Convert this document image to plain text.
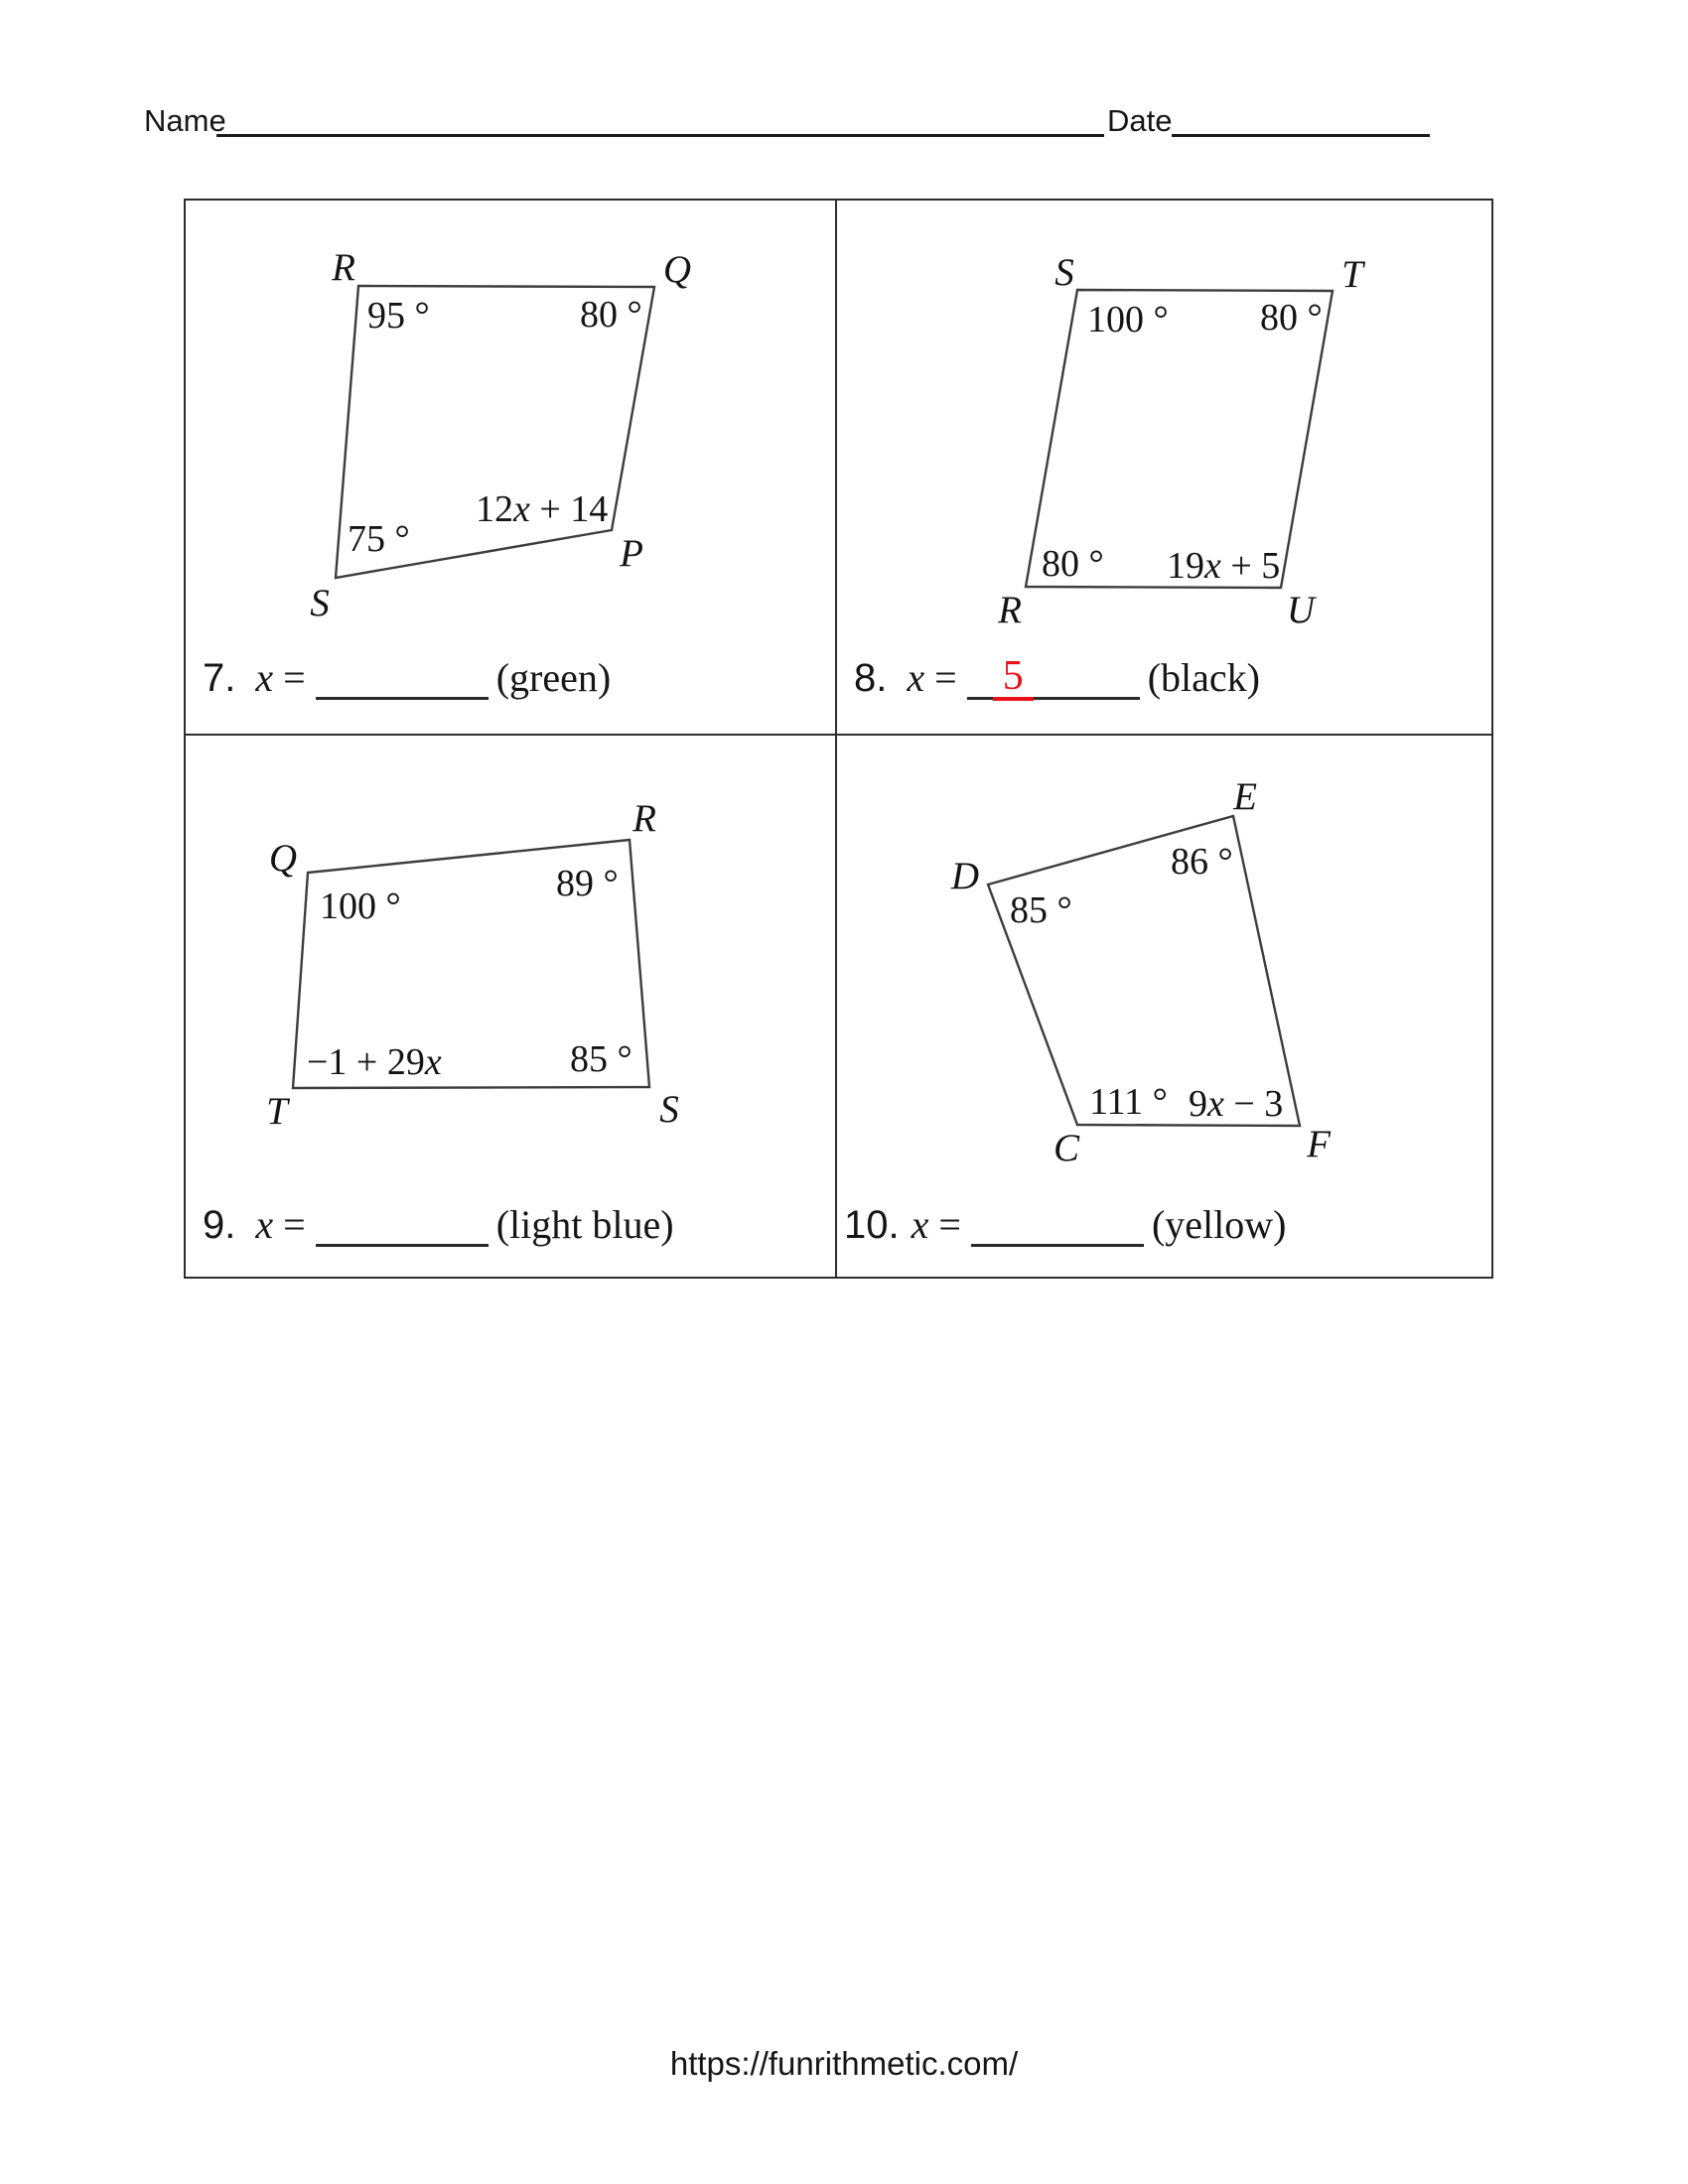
Name	Date
R	Q
P
S
95 °	80 °
75 °
12x + 14
7. x =	(green)
S	T
U
R
100 ° 80 °
80 ° 19x + 5
8. x = 5	(black)
Q
R
S
T
100 °
89 °
−1 + 29x	85 °
9. x =	(light blue)
D
E
F
C
85 °
86 °
111 ° 9x − 3
10. x =	(yellow)
https://funrithmetic.com/
